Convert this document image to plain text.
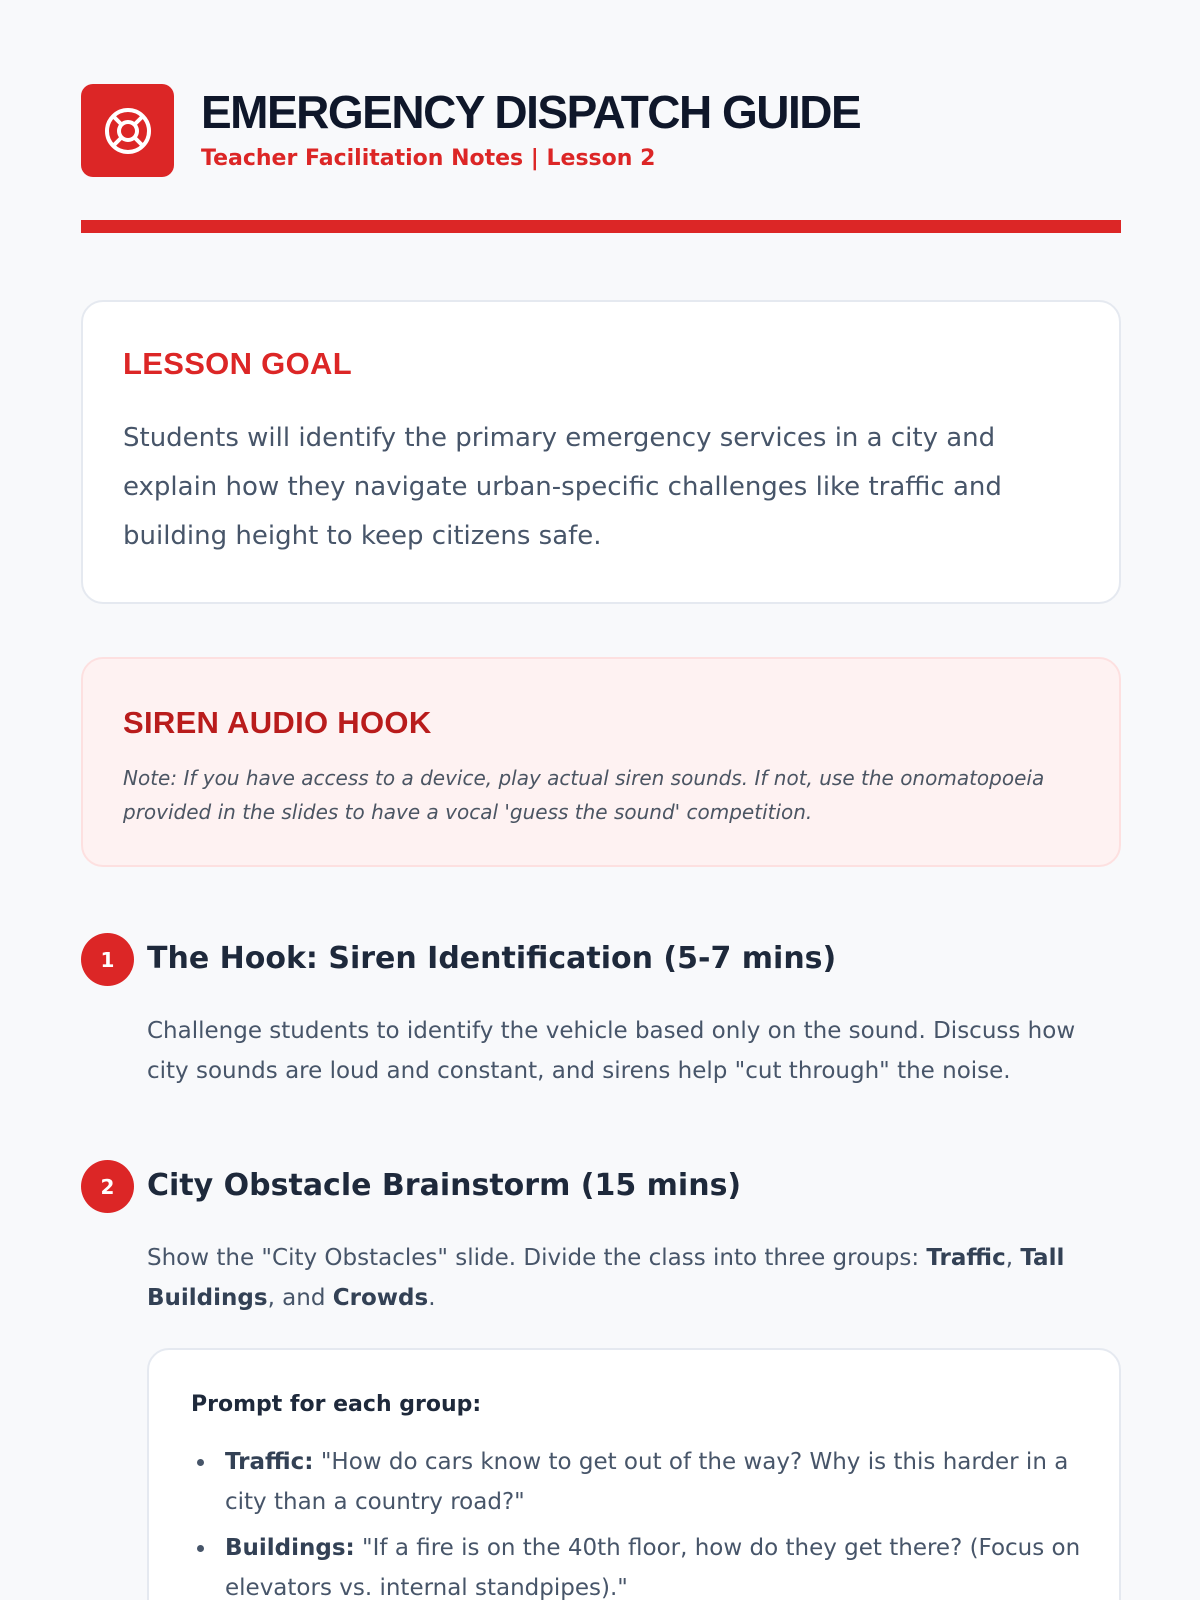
EMERGENCY DISPATCH GUIDE
Teacher Facilitation Notes | Lesson 2
LESSON GOAL

Students will identify the primary emergency services in a city and explain how they navigate urban-specific challenges like traffic and building height to keep citizens safe.

SIREN AUDIO HOOK

Note: If you have access to a device, play actual siren sounds. If not, use the onomatopoeia provided in the slides to have a vocal 'guess the sound' competition.

1	The Hook: Siren Identification (5-7 mins)

Challenge students to identify the vehicle based only on the sound. Discuss how city sounds are loud and constant, and sirens help "cut through" the noise.

2	City Obstacle Brainstorm (15 mins)

Show the "City Obstacles" slide. Divide the class into three groups: Traffic, Tall Buildings, and Crowds.

Prompt for each group:
Traffic: "How do cars know to get out of the way? Why is this harder in a city than a country road?"
Buildings: "If a fire is on the 40th floor, how do they get there? (Focus on elevators vs. internal standpipes)."
